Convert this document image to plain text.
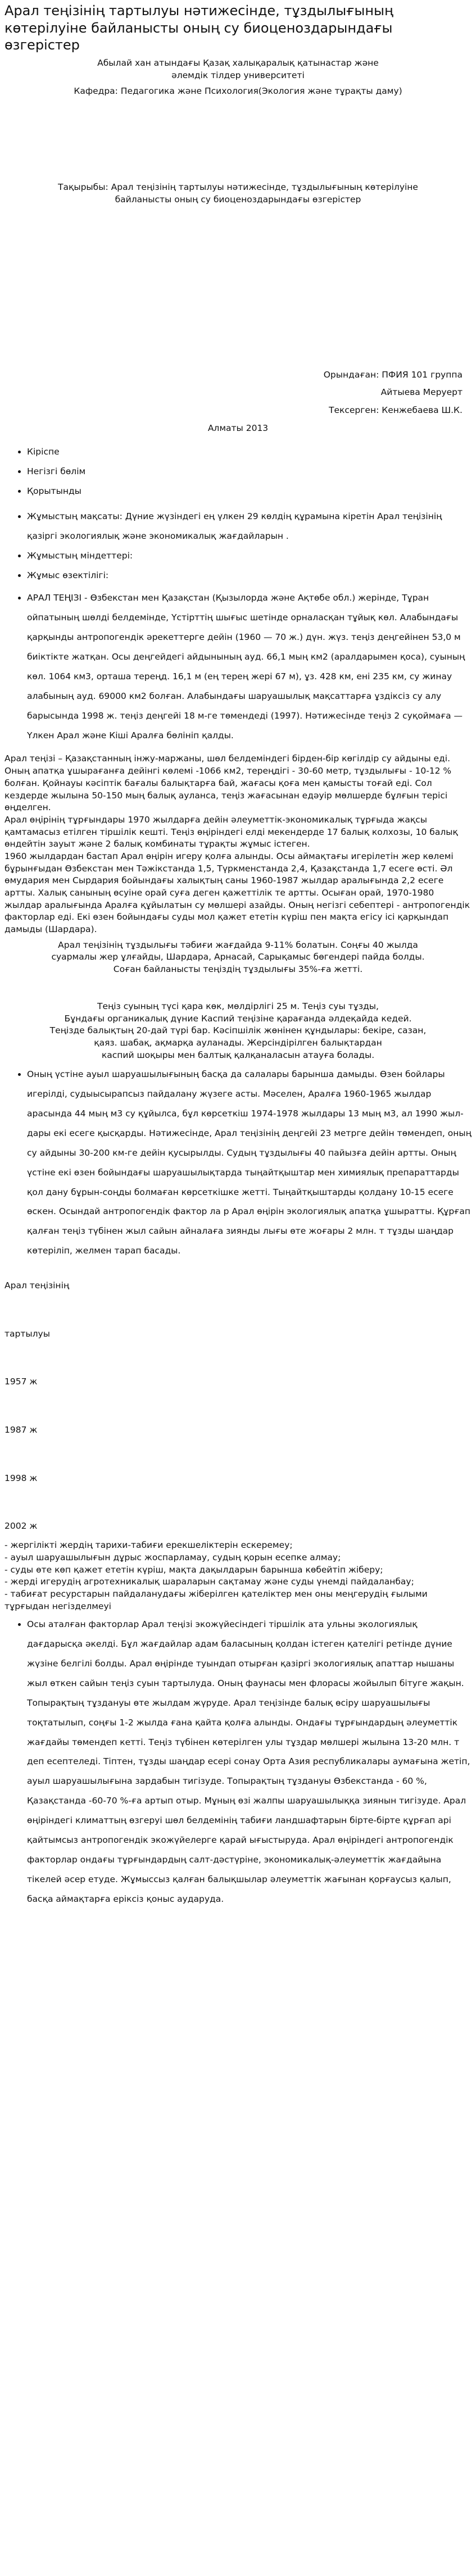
Арал теңізінің тартылуы нәтижесінде, тұздылығының көтерілуіне байланысты оның су биоценоздарындағы өзгерістер
Абылай хан атындағы Қазақ халықаралық қатынастар және
әлемдік тілдер университеті
Кафедра: Педагогика және Психология(Экология және тұрақты даму)
Тақырыбы: Арал теңізінің тартылуы нәтижесінде, тұздылығының көтерілуіне
байланысты оның су биоценоздарындағы өзгерістер
Орындаған: ПФИЯ 101 группа
Айтыева Меруерт
Тексерген: Кенжебаева Ш.К.
Алматы 2013
• Кіріспе
• Негізгі бөлім
• Қорытынды
• Жұмыстың мақсаты: Дүние жүзіндегі ең үлкен 29 көлдің құрамына кіретін Арал теңізінің қазіргі экологиялық және экономикалық жағдайларын .
• Жұмыстың міндеттері:
• Жұмыс өзектілігі:
• АРАЛ ТЕҢІЗІ - Өзбекстан мен Қазақстан (Қызылорда және Ақтөбе обл.) жерінде, Тұран ойпатының шөлді белдемінде, Үстірттің шығыс шетінде орналасқан тұйық көл. Алабындағы қарқынды антропогендік әрекеттерге дейін (1960 — 70 ж.) дүн. жүз. теңіз деңгейінен 53,0 м биіктікте жатқан. Осы деңгейдегі айдынының ауд. 66,1 мың км2 (аралдарымен қоса), суының көл. 1064 км3, орташа тереңд. 16,1 м (ең терең жері 67 м), ұз. 428 км, ені 235 км, су жинау алабының ауд. 69000 км2 болған. Алабындағы шаруашылық мақсаттарға ұздіксіз су алу барысында 1998 ж. теңіз деңгейі 18 м-ге төмендеді (1997). Нәтижесінде теңіз 2 суқоймаға — Үлкен Арал және Кіші Аралға бөлініп қалды.

Арал теңізі – Қазақстанның інжу-маржаны, шөл белдеміндегі бірден-бір көгілдір су айдыны еді. Оның апатқа ұшырағанға дейінгі көлемі -1066 км2, тереңдігі - 30-60 метр, тұздылығы - 10-12 % болған. Қойнауы кәсіптік бағалы балықтарға бай, жағасы қоға мен қамысты тоғай еді. Сол кездерде жылына 50-150 мың балық ауланса, теңіз жағасынан едәуір мөлшерде бұлғын терісі өңделген.

Арал өңірінің тұрғындары 1970 жылдарға дейін әлеуметтік-экономикалық тұрғыда жақсы қамтамасыз етілген тіршілік кешті. Теңіз өңіріндегі елді мекендерде 17 балық колхозы, 10 балық өндейтін зауыт және 2 балық комбинаты тұрақты жұмыс істеген.

1960 жылдардан бастап Арал өңірін игеру қолға алынды. Осы аймақтағы игерілетін жер көлемі бұрынғыдан Өзбекстан мен Тәжікстанда 1,5, Түркменстанда 2,4, Қазақстанда 1,7 есеге өсті. Әл өмудария мен Сырдария бойындағы халықтың саны 1960-1987 жылдар аралығында 2,2 есеге артты. Халық санының өсуіне орай суға деген қажеттілік те артты. Осыған орай, 1970-1980 жылдар аралығында Аралға құйылатын су мөлшері азайды. Оның негізгі себептері - антропогендік факторлар еді. Екі өзен бойындағы суды мол қажет ететін күріш пен мақта егісу ісі қарқындап дамыды (Шардара).

Арал теңізінің тұздылығы тәбиғи жағдайда 9-11% болатын. Соңғы 40 жылда
суармалы жер ұлғайды, Шардара, Арнасай, Сарықамыс бөгендері пайда болды.
Соған байланысты теңіздің тұздылығы 35%-ға жетті.
Теңіз суының түсі қара көк, мөлдірлігі 25 м. Теңіз суы тұзды,
Бұндағы органикалық дүние Каспий теңізіне қарағанда әлдеқайда кедей.
Теңізде балықтың 20-дай түрі бар. Кәсіпшілік жөнінен құндылары: бекіре, сазан,
қаяз. шабақ, ақмарқа ауланады. Жерсіндірілген балықтардан
каспий шоқыры мен балтық қалқаналасын атауға болады.
• Оның үстіне ауыл шаруашылығының басқа да салалары барынша дамыды. Өзен бойлары игерілді, судыысырапсыз пайдалану жүзеге асты. Мәселен, Аралға 1960-1965 жылдар арасында 44 мың м3 су құйылса, бұл көрсеткіш 1974-1978 жылдары 13 мың м3, ал 1990 жыл-дары екі есеге қысқарды. Нәтижесінде, Арал теңізінің деңгейі 23 метрге дейін төмендеп, оның су айдыны 30-200 км-ге дейін қусырылды. Судың тұздылығы 40 пайызға дейін артты. Оның үстіне екі өзен бойындағы шаруашылықтарда тыңайтқыштар мен химиялық препараттарды қол дану бұрын-соңды болмаған көрсеткішке жетті. Тыңайтқыштарды қолдану 10-15 есеге өскен. Осындай антропогендік фактор ла р Арал өңірін экологиялық апатқа ұшыратты. Құрғап қалған теңіз түбінен жыл сайын айналаға зиянды лығы өте жоғары 2 млн. т тұзды шаңдар көтеріліп, желмен тарап басады.

Арал теңізінің

тартылуы

1957 ж

1987 ж

1998 ж

2002 ж

- жергілікті жердің тарихи-табиғи ерекшеліктерін ескеремеу;

- ауыл шаруашылығын дұрыс жоспарламау, судың қорын есепке алмау;

- суды өте көп қажет ететін күріш, мақта дақылдарын барынша көбейтіп жіберу;

- жерді игерудің агротехникалық шараларын сақтамау және суды үнемді пайдаланбау;

- табиғат ресурстарын пайдаланудағы жіберілген қателіктер мен оны меңгерудің ғылыми тұрғыдан негізделмеуі

• Осы аталған факторлар Арал теңізі экожүйесіндегі тіршілік ата ульны экологиялық дағдарысқа әкелді. Бұл жағдайлар адам баласының қолдан істеген қателігі ретінде дүние жүзіне белгілі болды. Арал өңірінде туындап отырған қазіргі экологиялық апаттар нышаны жыл өткен сайын теңіз суын тартылуда. Оның фаунасы мен флорасы жойылып бітуге жақын. Топырақтың тұздануы өте жылдам жүруде. Арал теңізінде балық өсіру шаруашылығы тоқтатылып, соңғы 1-2 жылда ғана қайта қолға алынды. Ондағы тұрғындардың әлеуметтік жағдайы төмендеп кетті. Теңіз түбінен көтерілген улы тұздар мөлшері жылына 13-20 млн. т деп есептеледі. Тіптен, тұзды шаңдар есері сонау Орта Азия республикалары аумағына жетіп, ауыл шаруашылығына зардабын тигізуде. Топырақтың тұздануы Өзбекстанда - 60 %, Қазақстанда -60-70 %-ға артып отыр. Мұның өзі жалпы шаруашылыққа зиянын тигізуде. Арал өңіріндегі климаттың өзгеруі шөл белдемінің табиғи ландшафтарын біртe-біртe құрғап арі қайтымсыз антропогендік экожүйелерге қарай ығыстыруда. Арал өңіріндегі антропогендік факторлар ондағы тұрғындардың салт-дәстүріне, экономикалық-әлеуметтік жағдайына тікелей әсер етуде. Жұмыссыз қалған балықшылар әлеуметтік жағынан қорғаусыз қалып, басқа аймақтарға еріксіз қоныс аударуда.
